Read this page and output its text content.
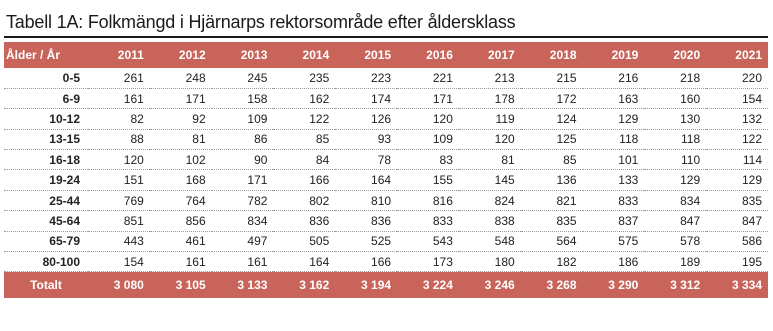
Tabell 1A: Folkmängd i Hjärnarps rektorsområde efter åldersklass
Ålder / År	2011	2012	2013	2014	2015	2016	2017	2018	2019	2020	2021
0-5	261	248	245	235	223	221	213	215	216	218	220
6-9	161	171	158	162	174	171	178	172	163	160	154
10-12	82	92	109	122	126	120	119	124	129	130	132
13-15	88	81	86	85	93	109	120	125	118	118	122
16-18	120	102	90	84	78	83	81	85	101	110	114
19-24	151	168	171	166	164	155	145	136	133	129	129
25-44	769	764	782	802	810	816	824	821	833	834	835
45-64	851	856	834	836	836	833	838	835	837	847	847
65-79	443	461	497	505	525	543	548	564	575	578	586
80-100	154	161	161	164	166	173	180	182	186	189	195
Totalt	3 080	3 105	3 133	3 162	3 194	3 224	3 246	3 268	3 290	3 312	3 334
